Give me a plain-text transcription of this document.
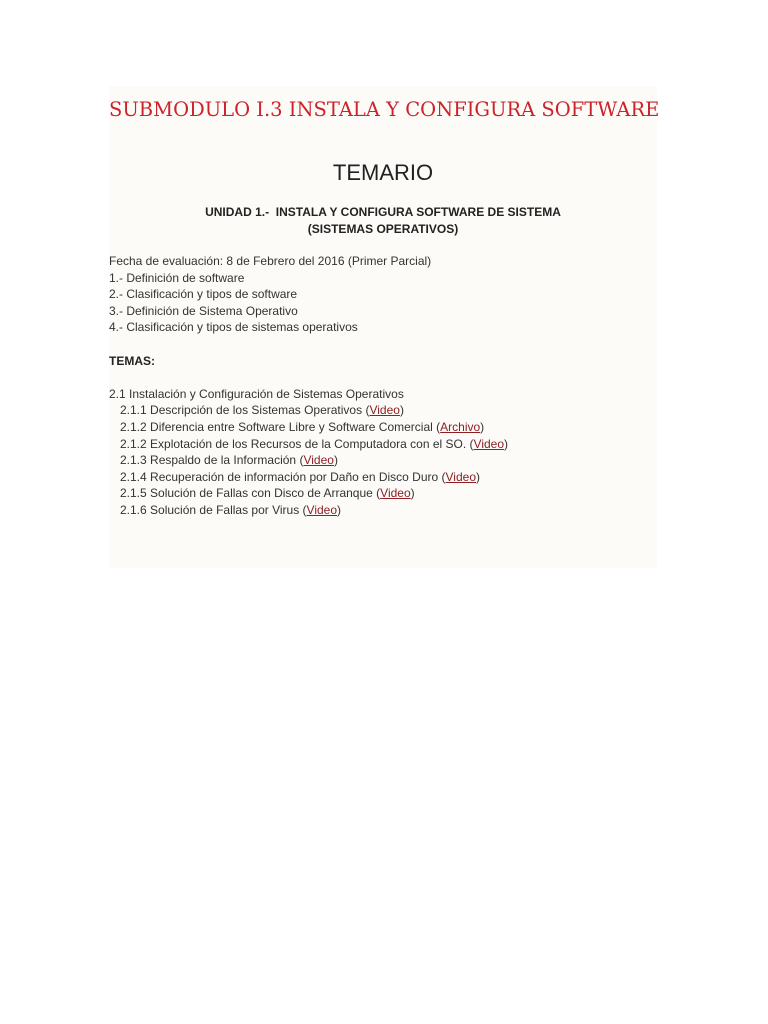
SUBMODULO I.3 INSTALA Y CONFIGURA SOFTWARE
TEMARIO
UNIDAD 1.-  INSTALA Y CONFIGURA SOFTWARE DE SISTEMA
(SISTEMAS OPERATIVOS)
Fecha de evaluación: 8 de Febrero del 2016 (Primer Parcial)
1.- Definición de software
2.- Clasificación y tipos de software
3.- Definición de Sistema Operativo
4.- Clasificación y tipos de sistemas operativos
TEMAS:
2.1 Instalación y Configuración de Sistemas Operativos
2.1.1 Descripción de los Sistemas Operativos (Video)
2.1.2 Diferencia entre Software Libre y Software Comercial (Archivo)
2.1.2 Explotación de los Recursos de la Computadora con el SO. (Video)
2.1.3 Respaldo de la Información (Video)
2.1.4 Recuperación de información por Daño en Disco Duro (Video)
2.1.5 Solución de Fallas con Disco de Arranque (Video)
2.1.6 Solución de Fallas por Virus (Video)
